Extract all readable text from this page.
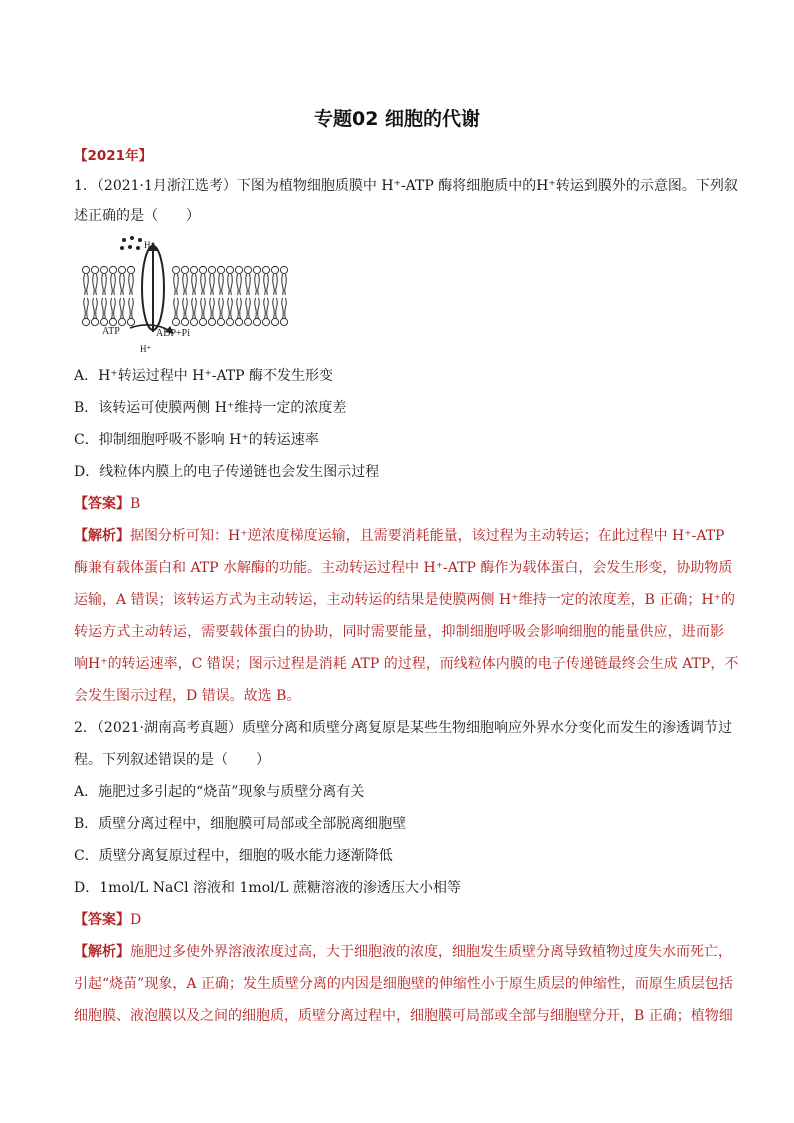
专题02 细胞的代谢
【2021年】
1．（2021·1月浙江选考）下图为植物细胞质膜中 H⁺-ATP 酶将细胞质中的H⁺转运到膜外的示意图。下列叙
述正确的是（　　）
H⁺
ATP	ADP+Pi
H⁺
A．H⁺转运过程中 H⁺-ATP 酶不发生形变
B．该转运可使膜两侧 H⁺维持一定的浓度差
C．抑制细胞呼吸不影响 H⁺的转运速率
D．线粒体内膜上的电子传递链也会发生图示过程
【答案】B
【解析】据图分析可知：H⁺逆浓度梯度运输，且需要消耗能量，该过程为主动转运；在此过程中 H⁺-ATP
酶兼有载体蛋白和 ATP 水解酶的功能。主动转运过程中 H⁺-ATP 酶作为载体蛋白，会发生形变，协助物质
运输，A 错误；该转运方式为主动转运，主动转运的结果是使膜两侧 H⁺维持一定的浓度差，B 正确；H⁺的
转运方式主动转运，需要载体蛋白的协助，同时需要能量，抑制细胞呼吸会影响细胞的能量供应，进而影
响H⁺的转运速率，C 错误；图示过程是消耗 ATP 的过程，而线粒体内膜的电子传递链最终会生成 ATP，不
会发生图示过程，D 错误。故选 B。
2．（2021·湖南高考真题）质壁分离和质壁分离复原是某些生物细胞响应外界水分变化而发生的渗透调节过
程。下列叙述错误的是（　　）
A．施肥过多引起的“烧苗”现象与质壁分离有关
B．质壁分离过程中，细胞膜可局部或全部脱离细胞壁
C．质壁分离复原过程中，细胞的吸水能力逐渐降低
D．1mol/L NaCl 溶液和 1mol/L 蔗糖溶液的渗透压大小相等
【答案】D
【解析】施肥过多使外界溶液浓度过高，大于细胞液的浓度，细胞发生质壁分离导致植物过度失水而死亡，
引起“烧苗”现象，A 正确；发生质壁分离的内因是细胞壁的伸缩性小于原生质层的伸缩性，而原生质层包括
细胞膜、液泡膜以及之间的细胞质，质壁分离过程中，细胞膜可局部或全部与细胞壁分开，B 正确；植物细
